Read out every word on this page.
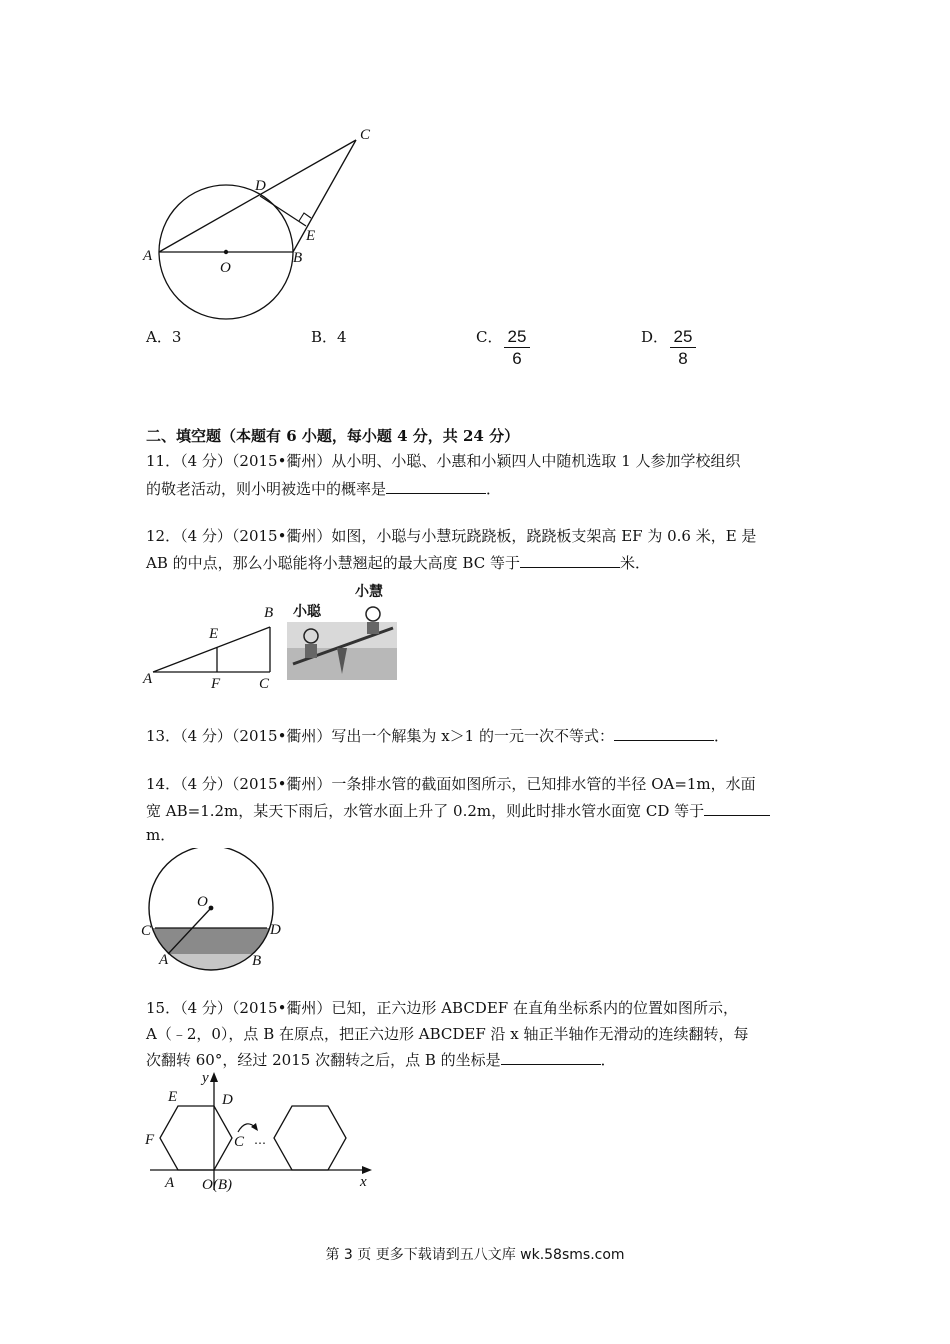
A
O
B
C
D
E
A．3	B．4	C． $\frac{25}{6}$	D． $\frac{25}{8}$
二、填空题（本题有 6 小题，每小题 4 分，共 24 分）
11．（4 分）（2015•衢州）从小明、小聪、小惠和小颖四人中随机选取 1 人参加学校组织
的敬老活动，则小明被选中的概率是	．
12．（4 分）（2015•衢州）如图，小聪与小慧玩跷跷板，跷跷板支架高 EF 为 0.6 米，E 是
AB 的中点，那么小聪能将小慧翘起的最大高度 BC 等于	米．
A
E
F	C
B 小聪
小慧
13．（4 分）（2015•衢州）写出一个解集为 x＞1 的一元一次不等式：	．
14．（4 分）（2015•衢州）一条排水管的截面如图所示，已知排水管的半径 OA=1m，水面
宽 AB=1.2m，某天下雨后，水管水面上升了 0.2m，则此时排水管水面宽 CD 等于
m．
O
C	D
A	B
15．（4 分）（2015•衢州）已知，正六边形 ABCDEF 在直角坐标系内的位置如图所示，
A（﹣2，0），点 B 在原点，把正六边形 ABCDEF 沿 x 轴正半轴作无滑动的连续翻转，每
次翻转 60°，经过 2015 次翻转之后，点 B 的坐标是	．
y
x
E	D
F	C …
A O(B)
第 3 页 更多下载请到五八文库 wk.58sms.com
